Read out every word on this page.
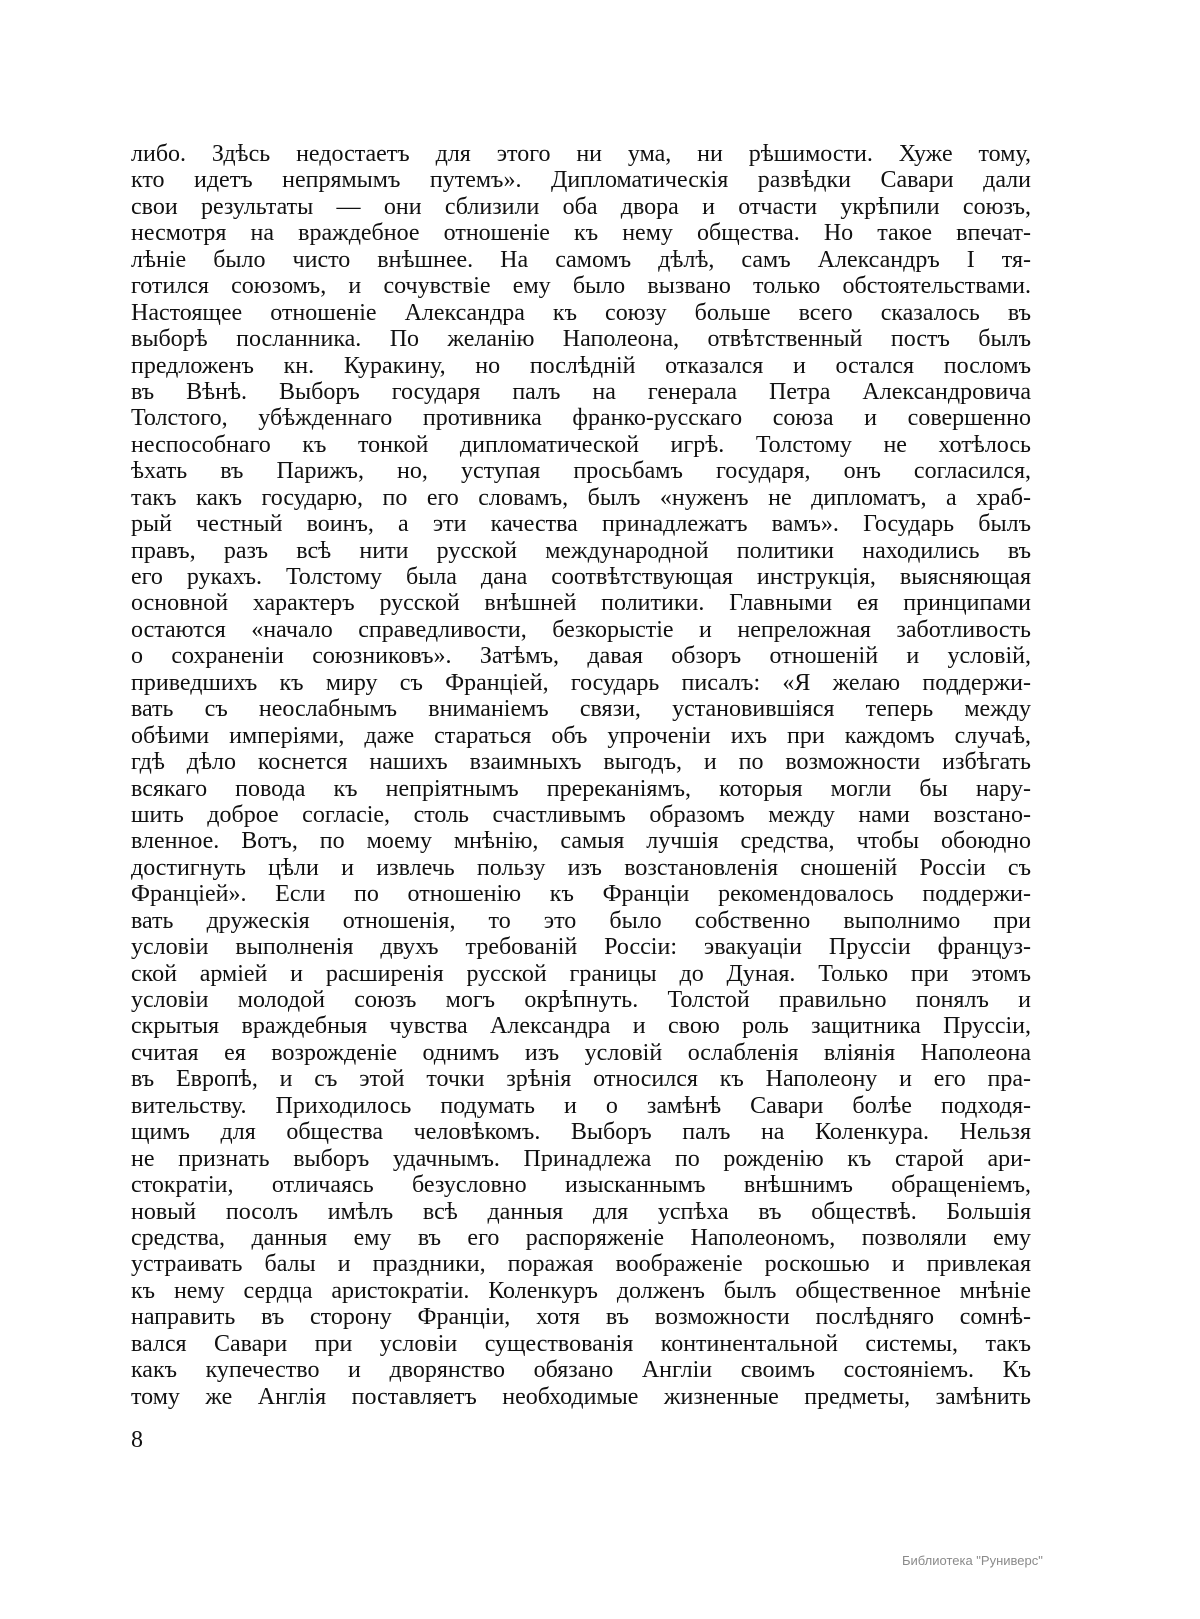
либо. Здѣсь недостаетъ для этого ни ума, ни рѣшимости. Хуже тому,
кто идетъ непрямымъ путемъ». Дипломатическія развѣдки Савари дали
свои результаты — они сблизили оба двора и отчасти укрѣпили союзъ,
несмотря на враждебное отношеніе къ нему общества. Но такое впечат-
лѣніе было чисто внѣшнее. На самомъ дѣлѣ, самъ Александръ I тя-
готился союзомъ, и сочувствіе ему было вызвано только обстоятельствами.
Настоящее отношеніе Александра къ союзу больше всего сказалось въ
выборѣ посланника. По желанію Наполеона, отвѣтственный постъ былъ
предложенъ кн. Куракину, но послѣдній отказался и остался посломъ
въ Вѣнѣ. Выборъ государя палъ на генерала Петра Александровича
Толстого, убѣжденнаго противника франко-русскаго союза и совершенно
неспособнаго къ тонкой дипломатической игрѣ. Толстому не хотѣлось
ѣхать въ Парижъ, но, уступая просьбамъ государя, онъ согласился,
такъ какъ государю, по его словамъ, былъ «нуженъ не дипломатъ, а храб-
рый честный воинъ, а эти качества принадлежатъ вамъ». Государь былъ
правъ, разъ всѣ нити русской международной политики находились въ
его рукахъ. Толстому была дана соотвѣтствующая инструкція, выясняющая
основной характеръ русской внѣшней политики. Главными ея принципами
остаются «начало справедливости, безкорыстіе и непреложная заботливость
о сохраненіи союзниковъ». Затѣмъ, давая обзоръ отношеній и условій,
приведшихъ къ миру съ Франціей, государь писалъ: «Я желаю поддержи-
вать съ неослабнымъ вниманіемъ связи, установившіяся теперь между
обѣими имперіями, даже стараться объ упроченіи ихъ при каждомъ случаѣ,
гдѣ дѣло коснется нашихъ взаимныхъ выгодъ, и по возможности избѣгать
всякаго повода къ непріятнымъ пререканіямъ, которыя могли бы нару-
шить доброе согласіе, столь счастливымъ образомъ между нами возстано-
вленное. Вотъ, по моему мнѣнію, самыя лучшія средства, чтобы обоюдно
достигнуть цѣли и извлечь пользу изъ возстановленія сношеній Россіи съ
Франціей». Если по отношенію къ Франціи рекомендовалось поддержи-
вать дружескія отношенія, то это было собственно выполнимо при
условіи выполненія двухъ требованій Россіи: эвакуаціи Пруссіи француз-
ской арміей и расширенія русской границы до Дуная. Только при этомъ
условіи молодой союзъ могъ окрѣпнуть. Толстой правильно понялъ и
скрытыя враждебныя чувства Александра и свою роль защитника Пруссіи,
считая ея возрожденіе однимъ изъ условій ослабленія вліянія Наполеона
въ Европѣ, и съ этой точки зрѣнія относился къ Наполеону и его пра-
вительству. Приходилось подумать и о замѣнѣ Савари болѣе подходя-
щимъ для общества человѣкомъ. Выборъ палъ на Коленкура. Нельзя
не признать выборъ удачнымъ. Принадлежа по рожденію къ старой ари-
стократіи, отличаясь безусловно изысканнымъ внѣшнимъ обращеніемъ,
новый посолъ имѣлъ всѣ данныя для успѣха въ обществѣ. Большія
средства, данныя ему въ его распоряженіе Наполеономъ, позволяли ему
устраивать балы и праздники, поражая воображеніе роскошью и привлекая
къ нему сердца аристократіи. Коленкуръ долженъ былъ общественное мнѣніе
направить въ сторону Франціи, хотя въ возможности послѣдняго сомнѣ-
вался Савари при условіи существованія континентальной системы, такъ
какъ купечество и дворянство обязано Англіи своимъ состояніемъ. Къ
тому же Англія поставляетъ необходимые жизненные предметы, замѣнить
8
Библиотека "Руниверс"
